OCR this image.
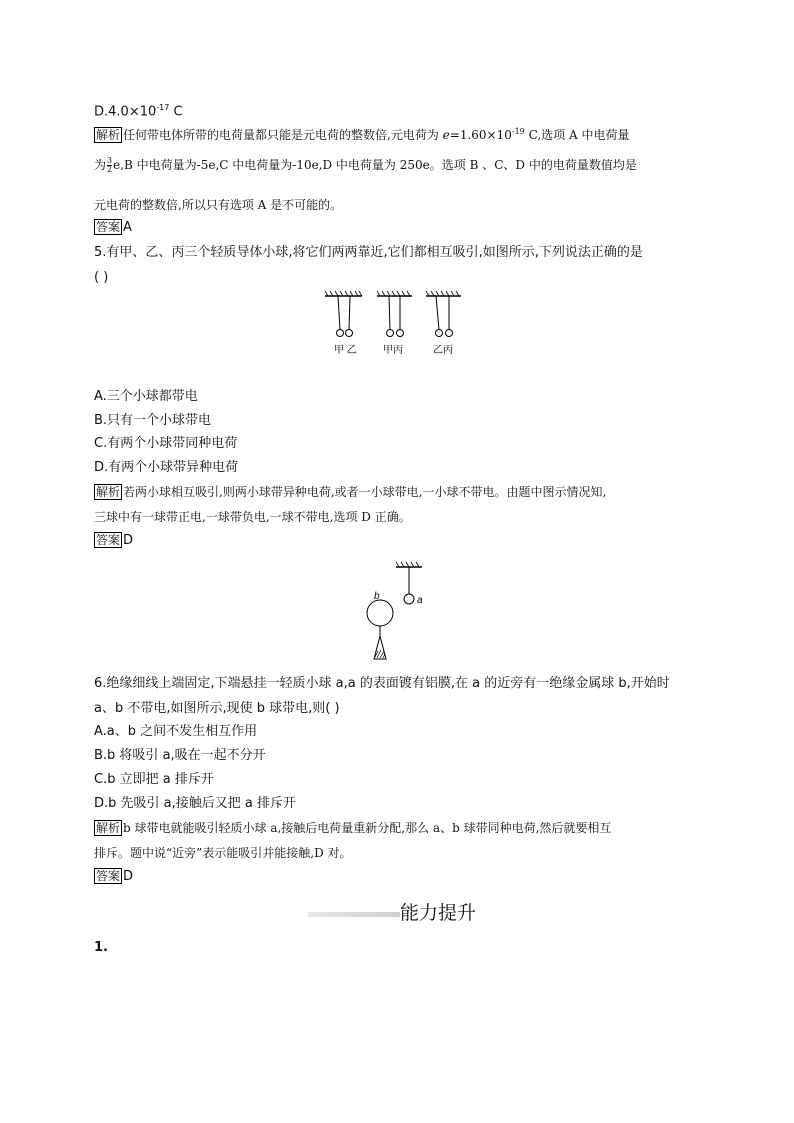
$D.4.0\times 10^{-17}$ C
解析 任何带电体所带的电荷量都只能是元电荷的整数倍,元电荷为 $e=1.60\times 10^{-19}$ C,选项 A 中电荷量
为 $\frac{3}{2} e,B$ 中电荷量为-5e,C 中电荷量为-10e,D 中电荷量为 250e。选项 B 、C、D 中的电荷量数值均是
元电荷的整数倍,所以只有选项 A 是不可能的。
答案 A
5.有甲、乙、丙三个轻质导体小球,将它们两两靠近,它们都相互吸引,如图所示,下列说法正确的是
( )
甲 乙	甲丙	乙丙
A.三个小球都带电
B.只有一个小球带电
C.有两个小球带同种电荷
D.有两个小球带异种电荷
解析 若两小球相互吸引,则两小球带异种电荷,或者一小球带电,一小球不带电。由题中图示情况知,
三球中有一球带正电,一球带负电,一球不带电,选项 D 正确。
答案 D
b	a
6.绝缘细线上端固定,下端悬挂一轻质小球 a,a 的表面镀有铝膜,在 a 的近旁有一绝缘金属球 b,开始时
a、b 不带电,如图所示,现使 b 球带电,则( )
A.a、b 之间不发生相互作用
B.b 将吸引 a,吸在一起不分开
C.b 立即把 a 排斥开
D.b 先吸引 a,接触后又把 a 排斥开
解析 b 球带电就能吸引轻质小球 a,接触后电荷量重新分配,那么 a、b 球带同种电荷,然后就要相互
排斥。题中说“近旁”表示能吸引并能接触,D 对。
答案 D
能力提升
1.
